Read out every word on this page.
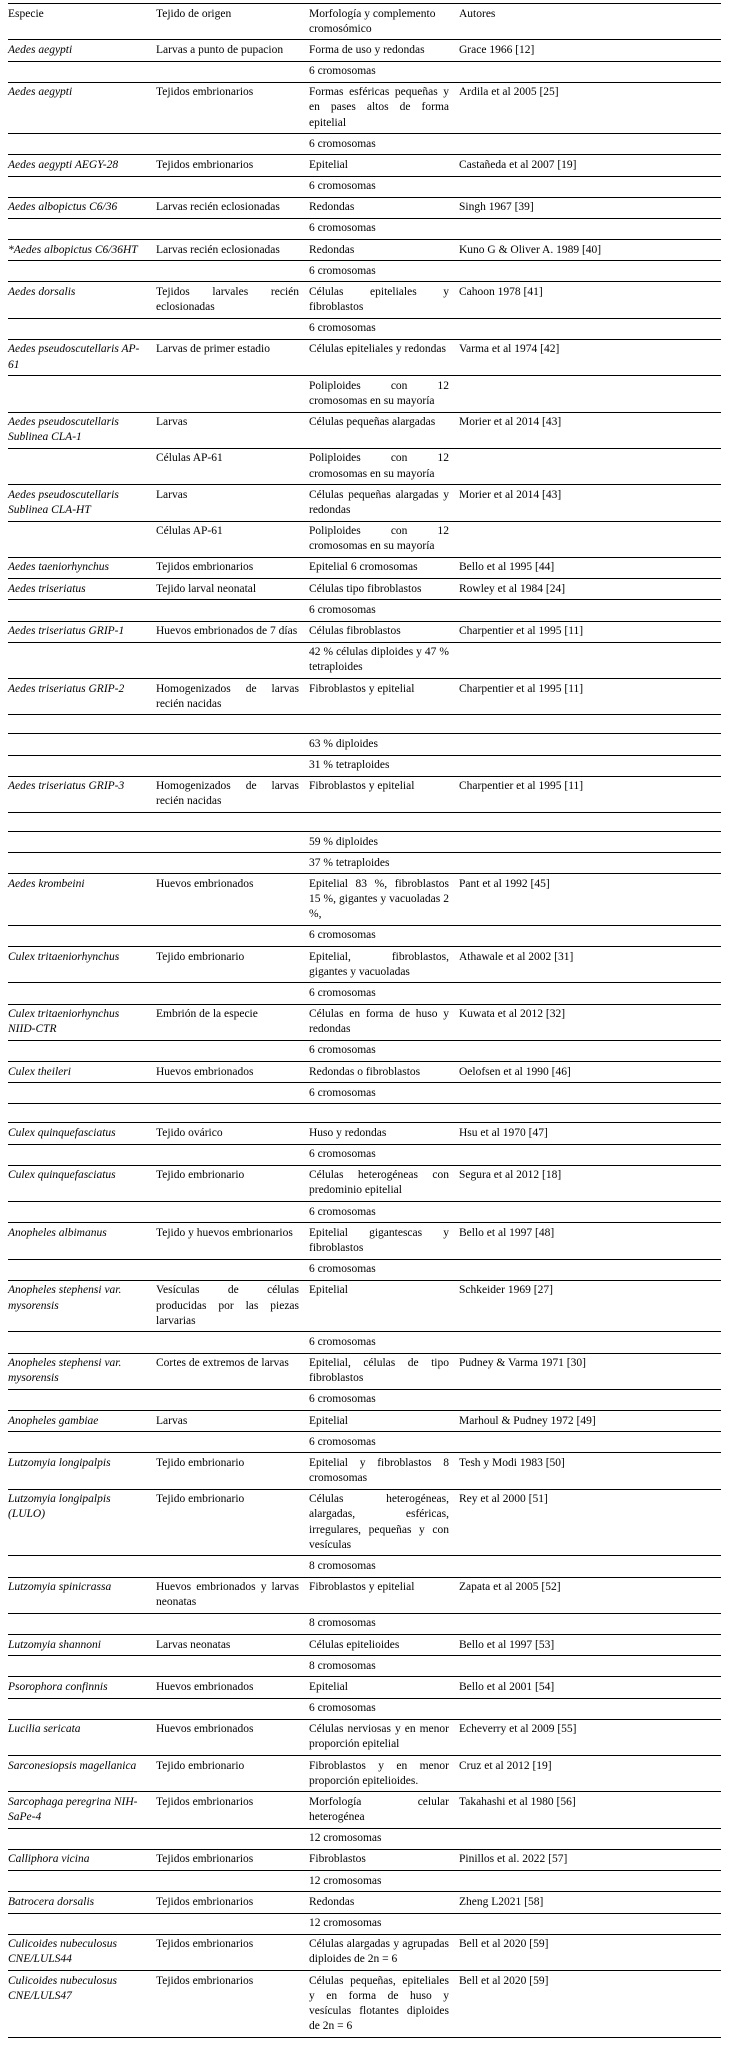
Especie	Tejido de origen	Morfología y complemento cromosómico	Autores
Aedes aegypti	Larvas a punto de pupacion	Forma de uso y redondas	Grace 1966 [12]
		6 cromosomas	
Aedes aegypti	Tejidos embrionarios	Formas esféricas pequeñas y en pases altos de forma epitelial	Ardila et al 2005 [25]
		6 cromosomas	
Aedes aegypti AEGY-28	Tejidos embrionarios	Epitelial	Castañeda et al 2007 [19]
		6 cromosomas	
Aedes albopictus C6/36	Larvas recién eclosionadas	Redondas	Singh 1967 [39]
		6 cromosomas	
*Aedes albopictus C6/36HT	Larvas recién eclosionadas	Redondas	Kuno G & Oliver A. 1989 [40]
		6 cromosomas	
Aedes dorsalis	Tejidos larvales recién eclosionadas	Células epiteliales y fibroblastos	Cahoon 1978 [41]
		6 cromosomas	
Aedes pseudoscutellaris AP-61	Larvas de primer estadio	Células epiteliales y redondas	Varma et al 1974 [42]
		Poliploides con 12 cromosomas en su mayoría	
Aedes pseudoscutellaris Sublinea CLA-1	Larvas	Células pequeñas alargadas	Morier et al 2014 [43]
	Células AP-61	Poliploides con 12 cromosomas en su mayoría	
Aedes pseudoscutellaris Sublinea CLA-HT	Larvas	Células pequeñas alargadas y redondas	Morier et al 2014 [43]
	Células AP-61	Poliploides con 12 cromosomas en su mayoría	
Aedes taeniorhynchus	Tejidos embrionarios	Epitelial 6 cromosomas	Bello et al 1995 [44]
Aedes triseriatus	Tejido larval neonatal	Células tipo fibroblastos	Rowley et al 1984 [24]
		6 cromosomas	
Aedes triseriatus GRIP-1	Huevos embrionados de 7 días	Células fibroblastos	Charpentier et al 1995 [11]
		42 % células diploides y 47 % tetraploides	
Aedes triseriatus GRIP-2	Homogenizados de larvas recién nacidas	Fibroblastos y epitelial	Charpentier et al 1995 [11]

		63 % diploides	
		31 % tetraploides	
Aedes triseriatus GRIP-3	Homogenizados de larvas recién nacidas	Fibroblastos y epitelial	Charpentier et al 1995 [11]

		59 % diploides	
		37 % tetraploides	
Aedes krombeini	Huevos embrionados	Epitelial 83 %, fibroblastos 15 %, gigantes y vacuoladas 2 %,	Pant et al 1992 [45]
		6 cromosomas	
Culex tritaeniorhynchus	Tejido embrionario	Epitelial, fibroblastos, gigantes y vacuoladas	Athawale et al 2002 [31]
		6 cromosomas	
Culex tritaeniorhynchus NIID-CTR	Embrión de la especie	Células en forma de huso y redondas	Kuwata et al 2012 [32]
		6 cromosomas	
Culex theileri	Huevos embrionados	Redondas o fibroblastos	Oelofsen et al 1990 [46]
		6 cromosomas	

Culex quinquefasciatus	Tejido ovárico	Huso y redondas	Hsu et al 1970 [47]
		6 cromosomas	
Culex quinquefasciatus	Tejido embrionario	Células heterogéneas con predominio epitelial	Segura et al 2012 [18]
		6 cromosomas	
Anopheles albimanus	Tejido y huevos embrionarios	Epitelial gigantescas y fibroblastos	Bello et al 1997 [48]
		6 cromosomas	
Anopheles stephensi var. mysorensis	Vesículas de células producidas por las piezas larvarias	Epitelial	Schkeider 1969 [27]
		6 cromosomas	
Anopheles stephensi var. mysorensis	Cortes de extremos de larvas	Epitelial, células de tipo fibroblastos	Pudney & Varma 1971 [30]
		6 cromosomas	
Anopheles gambiae	Larvas	Epitelial	Marhoul & Pudney 1972 [49]
		6 cromosomas	
Lutzomyia longipalpis	Tejido embrionario	Epitelial y fibroblastos 8 cromosomas	Tesh y Modi 1983 [50]
Lutzomyia longipalpis (LULO)	Tejido embrionario	Células heterogéneas, alargadas, esféricas, irregulares, pequeñas y con vesículas	Rey et al 2000 [51]
		8 cromosomas	
Lutzomyia spinicrassa	Huevos embrionados y larvas neonatas	Fibroblastos y epitelial	Zapata et al 2005 [52]
		8 cromosomas	
Lutzomyia shannoni	Larvas neonatas	Células epitelioides	Bello et al 1997 [53]
		8 cromosomas	
Psorophora confinnis	Huevos embrionados	Epitelial	Bello et al 2001 [54]
		6 cromosomas	
Lucilia sericata	Huevos embrionados	Células nerviosas y en menor proporción epitelial	Echeverry et al 2009 [55]
Sarconesiopsis magellanica	Tejido embrionario	Fibroblastos y en menor proporción epitelioides.	Cruz et al 2012 [19]
Sarcophaga peregrina NIH-SaPe-4	Tejidos embrionarios	Morfología celular heterogénea	Takahashi et al 1980 [56]
		12 cromosomas	
Calliphora vicina	Tejidos embrionarios	Fibroblastos	Pinillos et al. 2022 [57]
		12 cromosomas	
Batrocera dorsalis	Tejidos embrionarios	Redondas	Zheng L2021 [58]
		12 cromosomas	
Culicoides nubeculosus CNE/LULS44	Tejidos embrionarios	Células alargadas y agrupadas diploides de 2n = 6	Bell et al 2020 [59]
Culicoides nubeculosus CNE/LULS47	Tejidos embrionarios	Células pequeñas, epiteliales y en forma de huso y vesículas flotantes diploides de 2n = 6	Bell et al 2020 [59]
